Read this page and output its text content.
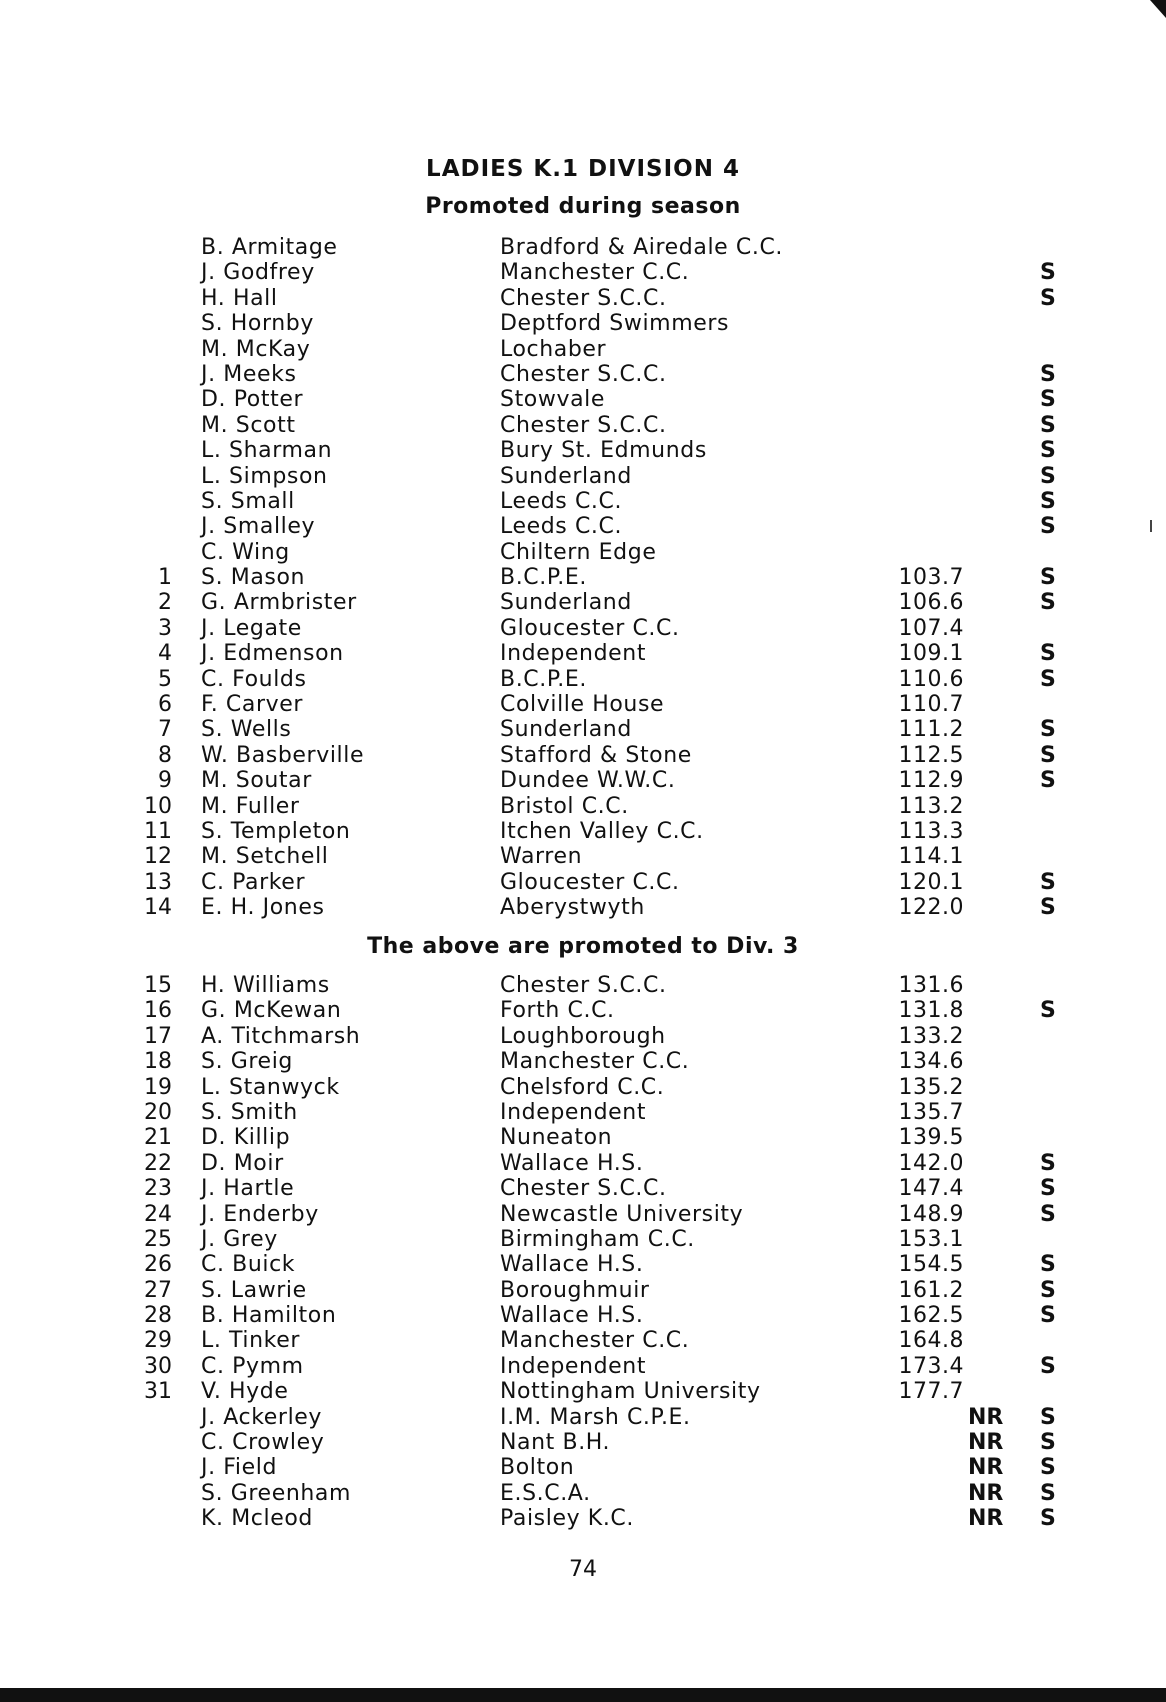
LADIES K.1 DIVISION 4
Promoted during season
B. Armitage	Bradford & Airedale C.C.
J. Godfrey	Manchester C.C.	S
H. Hall	Chester S.C.C.	S
S. Hornby	Deptford Swimmers
M. McKay	Lochaber
J. Meeks	Chester S.C.C.	S
D. Potter	Stowvale	S
M. Scott	Chester S.C.C.	S
L. Sharman	Bury St. Edmunds	S
L. Simpson	Sunderland	S
S. Small	Leeds C.C.	S
J. Smalley	Leeds C.C.	S
C. Wing	Chiltern Edge
1 S. Mason	B.C.P.E.	103.7	S
2 G. Armbrister	Sunderland	106.6	S
3 J. Legate	Gloucester C.C.	107.4
4 J. Edmenson	Independent	109.1	S
5 C. Foulds	B.C.P.E.	110.6	S
6 F. Carver	Colville House	110.7
7 S. Wells	Sunderland	111.2	S
8 W. Basberville	Stafford & Stone	112.5	S
9 M. Soutar	Dundee W.W.C.	112.9	S
10 M. Fuller	Bristol C.C.	113.2
11 S. Templeton	Itchen Valley C.C.	113.3
12 M. Setchell	Warren	114.1
13 C. Parker	Gloucester C.C.	120.1	S
14 E. H. Jones	Aberystwyth	122.0	S
The above are promoted to Div. 3
15 H. Williams	Chester S.C.C.	131.6
16 G. McKewan	Forth C.C.	131.8	S
17 A. Titchmarsh	Loughborough	133.2
18 S. Greig	Manchester C.C.	134.6
19 L. Stanwyck	Chelsford C.C.	135.2
20 S. Smith	Independent	135.7
21 D. Killip	Nuneaton	139.5
22 D. Moir	Wallace H.S.	142.0	S
23 J. Hartle	Chester S.C.C.	147.4	S
24 J. Enderby	Newcastle University	148.9	S
25 J. Grey	Birmingham C.C.	153.1
26 C. Buick	Wallace H.S.	154.5	S
27 S. Lawrie	Boroughmuir	161.2	S
28 B. Hamilton	Wallace H.S.	162.5	S
29 L. Tinker	Manchester C.C.	164.8
30 C. Pymm	Independent	173.4	S
31 V. Hyde	Nottingham University	177.7
J. Ackerley	I.M. Marsh C.P.E.	NR S
C. Crowley	Nant B.H.	NR S
J. Field	Bolton	NR S
S. Greenham	E.S.C.A.	NR S
K. Mcleod	Paisley K.C.	NR S
74
